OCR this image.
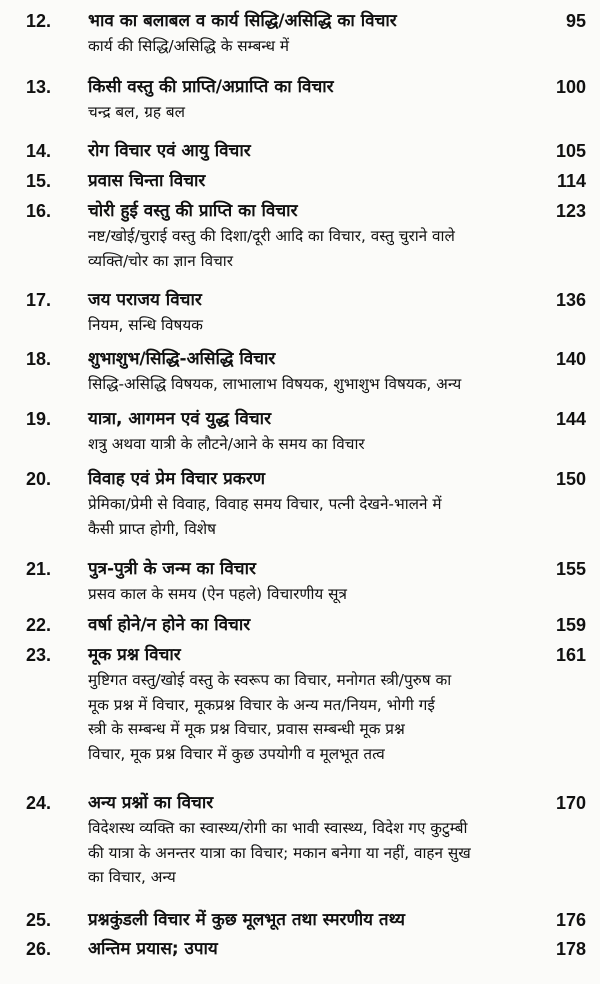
12. भाव का बलाबल व कार्य सिद्धि/असिद्धि का विचार	95
कार्य की सिद्धि/असिद्धि के सम्बन्ध में
13. किसी वस्तु की प्राप्ति/अप्राप्ति का विचार	100
चन्द्र बल, ग्रह बल
14. रोग विचार एवं आयु विचार	105
15. प्रवास चिन्ता विचार	114
16. चोरी हुई वस्तु की प्राप्ति का विचार	123
नष्ट/खोई/चुराई वस्तु की दिशा/दूरी आदि का विचार, वस्तु चुराने वाले
व्यक्ति/चोर का ज्ञान विचार
17. जय पराजय विचार	136
नियम, सन्धि विषयक
18. शुभाशुभ/सिद्धि-असिद्धि विचार	140
सिद्धि-असिद्धि विषयक, लाभालाभ विषयक, शुभाशुभ विषयक, अन्य
19. यात्रा, आगमन एवं युद्ध विचार	144
शत्रु अथवा यात्री के लौटने/आने के समय का विचार
20. विवाह एवं प्रेम विचार प्रकरण	150
प्रेमिका/प्रेमी से विवाह, विवाह समय विचार, पत्नी देखने-भालने में
कैसी प्राप्त होगी, विशेष
21. पुत्र-पुत्री के जन्म का विचार	155
प्रसव काल के समय (ऐन पहले) विचारणीय सूत्र
22. वर्षा होने/न होने का विचार	159
23. मूक प्रश्न विचार	161
मुष्टिगत वस्तु/खोई वस्तु के स्वरूप का विचार, मनोगत स्त्री/पुरुष का
मूक प्रश्न में विचार, मूकप्रश्न विचार के अन्य मत/नियम, भोगी गई
स्त्री के सम्बन्ध में मूक प्रश्न विचार, प्रवास सम्बन्धी मूक प्रश्न
विचार, मूक प्रश्न विचार में कुछ उपयोगी व मूलभूत तत्व
24. अन्य प्रश्नों का विचार	170
विदेशस्थ व्यक्ति का स्वास्थ्य/रोगी का भावी स्वास्थ्य, विदेश गए कुटुम्बी
की यात्रा के अनन्तर यात्रा का विचार; मकान बनेगा या नहीं, वाहन सुख
का विचार, अन्य
25. प्रश्नकुंडली विचार में कुछ मूलभूत तथा स्मरणीय तथ्य	176
26. अन्तिम प्रयास; उपाय	178
